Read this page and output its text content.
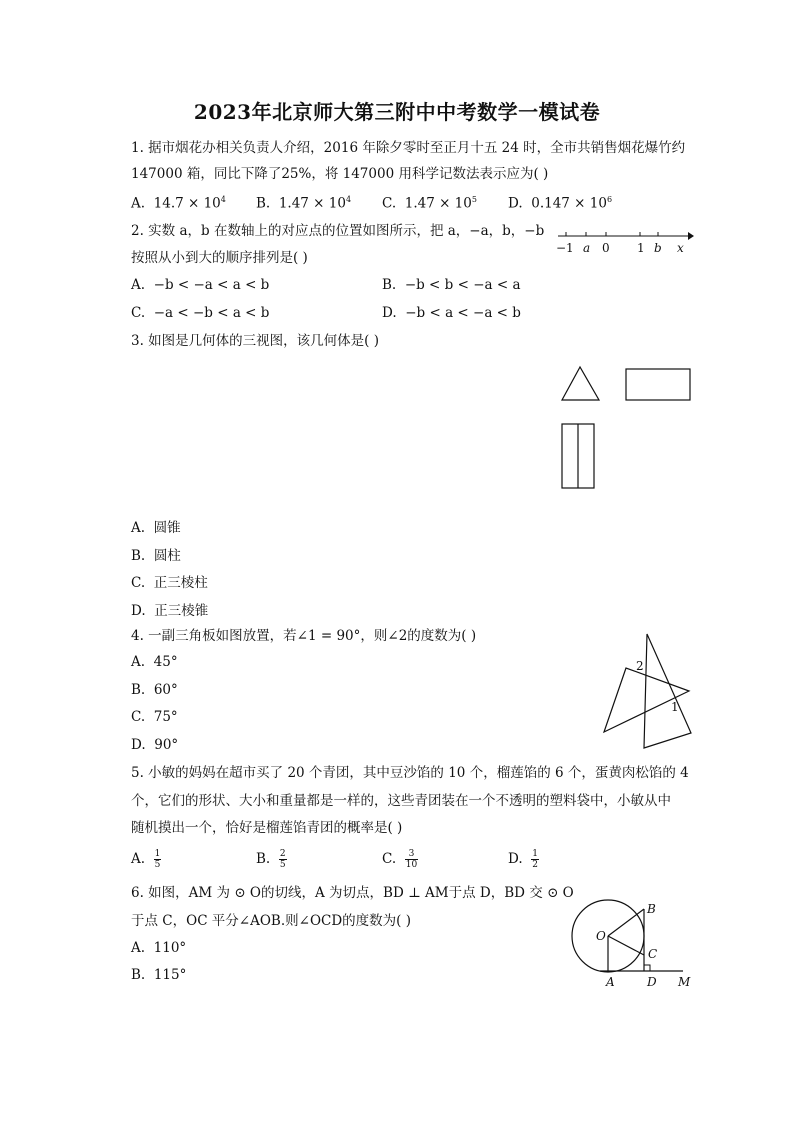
2023年北京师大第三附中中考数学一模试卷
1. 据市烟花办相关负责人介绍，2016 年除夕零时至正月十五 24 时，全市共销售烟花爆竹约
147000 箱，同比下降了25%，将 147000 用科学记数法表示应为( )
A. $14.7 \times 10^4$ B. $1.47 \times 10^4$ C. $1.47 \times 10^5$ D. $0.147 \times 10^6$
2. 实数 a，b 在数轴上的对应点的位置如图所示，把 a，−a，b，−b
按照从小到大的顺序排列是( )
−1 a 0 1 b x
A. −b < −a < a < b	B. −b < b < −a < a
C. −a < −b < a < b	D. −b < a < −a < b
3. 如图是几何体的三视图，该几何体是( )
A. 圆锥
B. 圆柱
C. 正三棱柱
D. 正三棱锥
4. 一副三角板如图放置，若∠1 = 90°，则∠2的度数为( )
2
1
A. 45°
B. 60°
C. 75°
D. 90°
5. 小敏的妈妈在超市买了 20 个青团，其中豆沙馅的 10 个，榴莲馅的 6 个，蛋黄肉松馅的 4
个，它们的形状、大小和重量都是一样的，这些青团装在一个不透明的塑料袋中，小敏从中
随机摸出一个，恰好是榴莲馅青团的概率是( )
A. $\frac{1}{5}$	B. $\frac{2}{5}$	C. $\frac{3}{10}$	D. $\frac{1}{2}$
6. 如图，AM 为 ⊙ O的切线，A 为切点，BD ⊥ AM于点 D，BD 交 ⊙ O
于点 C，OC 平分∠AOB.则∠OCD的度数为( )
O
B
C
A	D M
A. 110°
B. 115°
